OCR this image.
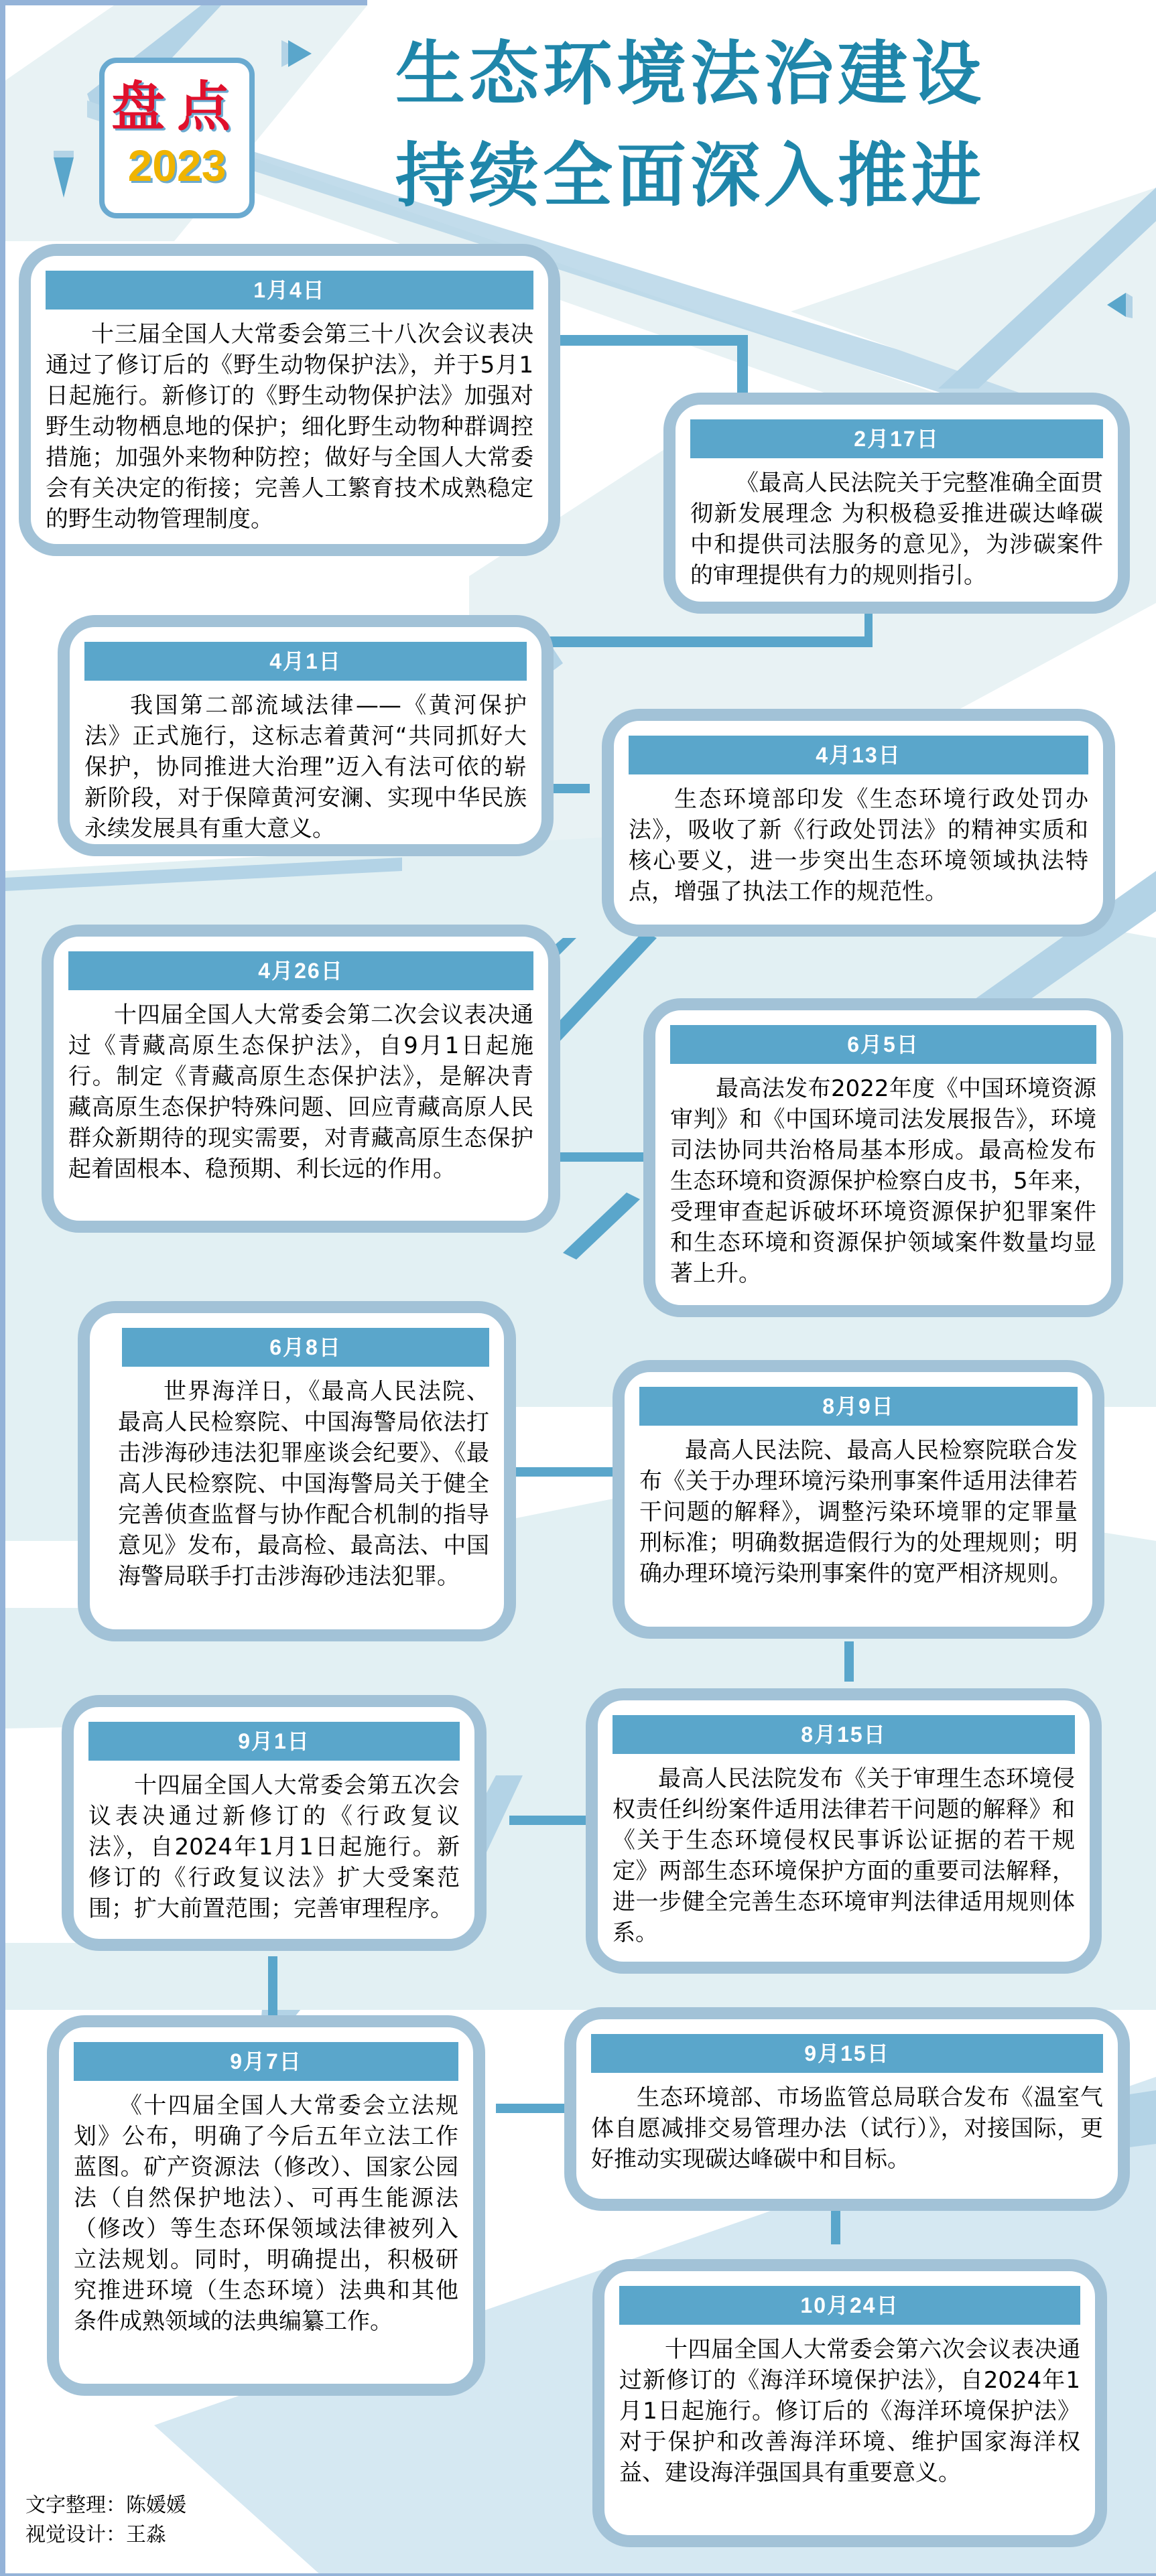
盘点
2023
生态环境法治建设
持续全面深入推进
1月4日
十三届全国人大常委会第三十八次会议表决通过了修订后的《野生动物保护法》，并于5月1日起施行。新修订的《野生动物保护法》加强对野生动物栖息地的保护；细化野生动物种群调控措施；加强外来物种防控；做好与全国人大常委会有关决定的衔接；完善人工繁育技术成熟稳定的野生动物管理制度。
2月17日
《最高人民法院关于完整准确全面贯彻新发展理念 为积极稳妥推进碳达峰碳中和提供司法服务的意见》，为涉碳案件的审理提供有力的规则指引。
4月1日
我国第二部流域法律——《黄河保护法》正式施行，这标志着黄河“共同抓好大保护，协同推进大治理”迈入有法可依的崭新阶段，对于保障黄河安澜、实现中华民族永续发展具有重大意义。
4月13日
生态环境部印发《生态环境行政处罚办法》，吸收了新《行政处罚法》的精神实质和核心要义，进一步突出生态环境领域执法特点，增强了执法工作的规范性。
4月26日
十四届全国人大常委会第二次会议表决通过《青藏高原生态保护法》，自9月1日起施行。制定《青藏高原生态保护法》，是解决青藏高原生态保护特殊问题、回应青藏高原人民群众新期待的现实需要，对青藏高原生态保护起着固根本、稳预期、利长远的作用。
6月5日
最高法发布2022年度《中国环境资源审判》和《中国环境司法发展报告》，环境司法协同共治格局基本形成。最高检发布生态环境和资源保护检察白皮书，5年来，受理审查起诉破坏环境资源保护犯罪案件和生态环境和资源保护领域案件数量均显著上升。
6月8日
世界海洋日，《最高人民法院、最高人民检察院、中国海警局依法打击涉海砂违法犯罪座谈会纪要》、《最高人民检察院、中国海警局关于健全完善侦查监督与协作配合机制的指导意见》发布，最高检、最高法、中国海警局联手打击涉海砂违法犯罪。
8月9日
最高人民法院、最高人民检察院联合发布《关于办理环境污染刑事案件适用法律若干问题的解释》，调整污染环境罪的定罪量刑标准；明确数据造假行为的处理规则；明确办理环境污染刑事案件的宽严相济规则。
9月1日
十四届全国人大常委会第五次会议表决通过新修订的《行政复议法》，自2024年1月1日起施行。新修订的《行政复议法》扩大受案范围；扩大前置范围；完善审理程序。
8月15日
最高人民法院发布《关于审理生态环境侵权责任纠纷案件适用法律若干问题的解释》和《关于生态环境侵权民事诉讼证据的若干规定》两部生态环境保护方面的重要司法解释，进一步健全完善生态环境审判法律适用规则体系。
9月7日
《十四届全国人大常委会立法规划》公布，明确了今后五年立法工作蓝图。矿产资源法（修改）、国家公园法（自然保护地法）、可再生能源法（修改）等生态环保领域法律被列入立法规划。同时，明确提出，积极研究推进环境（生态环境）法典和其他条件成熟领域的法典编纂工作。
9月15日
生态环境部、市场监管总局联合发布《温室气体自愿减排交易管理办法（试行）》，对接国际，更好推动实现碳达峰碳中和目标。
10月24日
十四届全国人大常委会第六次会议表决通过新修订的《海洋环境保护法》，自2024年1月1日起施行。修订后的《海洋环境保护法》对于保护和改善海洋环境、维护国家海洋权益、建设海洋强国具有重要意义。
文字整理：陈媛媛
视觉设计：王淼
